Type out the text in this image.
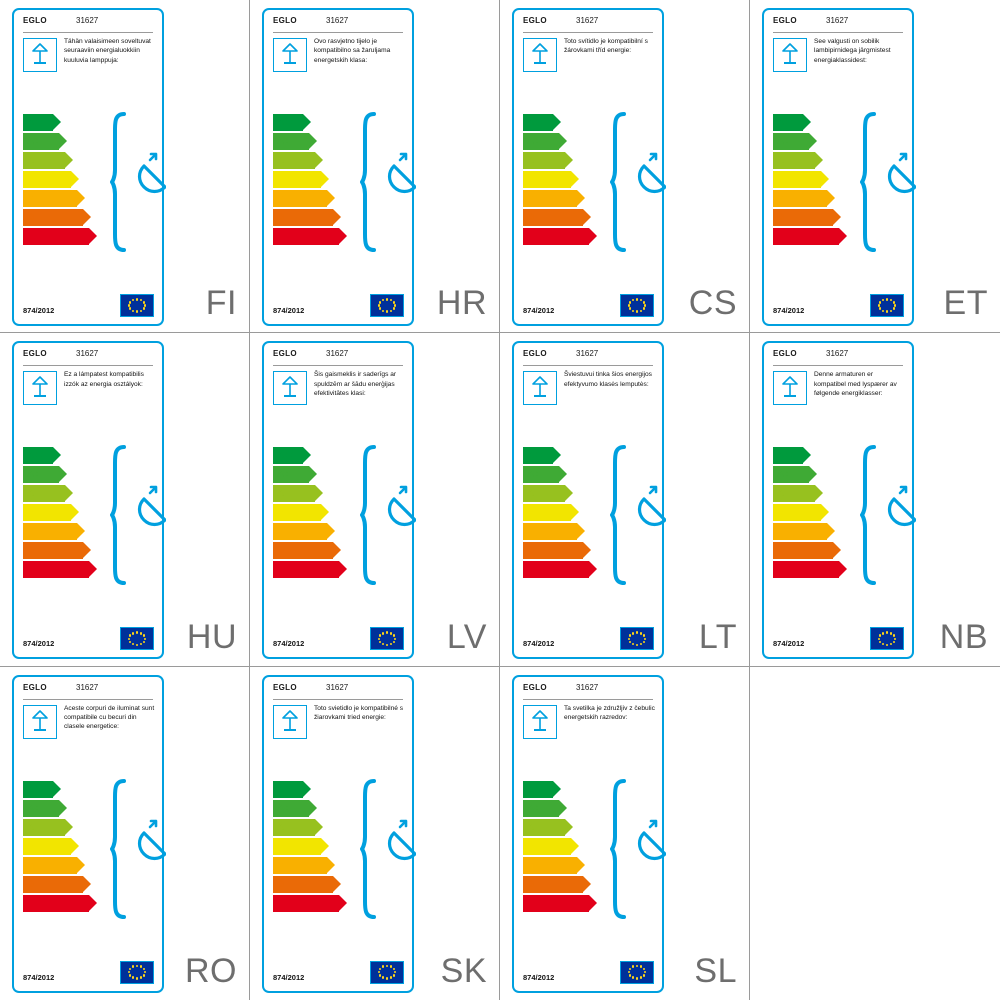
EGLO	31627
Tähän valaisimeen soveltuvat seuraaviin energialuokkiin kuuluvia lamppuja:
A++
A+
A
B
C
D
E
874/2012	FI
EGLO	31627
Ovo rasvjetno tijelo je kompatibilno sa žaruljama energetskih klasa:
A++
A+
A
B
C
D
E
874/2012	HR
EGLO	31627
Toto svítidlo je kompatibilní s žárovkami tříd energie:
A++
A+
A
B
C
D
E
874/2012	CS
EGLO	31627
See valgusti on sobilik lambipirnidega järgmistest energiaklassidest:
A++
A+
A
B
C
D
E
874/2012	ET
EGLO	31627
Ez a lámpatest kompatibilis izzók az energia osztályok:
A++
A+
A
B
C
D
E
874/2012	HU
EGLO	31627
Šis gaismeklis ir saderīgs ar spuldzēm ar šādu enerģijas efektivitātes klasi:
A++
A+
A
B
C
D
E
874/2012	LV
EGLO	31627
Šviestuvui tinka šios energijos efektyvumo klasės lemputės:
A++
A+
A
B
C
D
E
874/2012	LT
EGLO	31627
Denne armaturen er kompatibel med lyspærer av følgende energiklasser:
A++
A+
A
B
C
D
E
874/2012	NB
EGLO	31627
Aceste corpuri de iluminat sunt compatibile cu becuri din claselе energetice:
A++
A+
A
B
C
D
E
874/2012	RO
EGLO	31627
Toto svietidlo je kompatibilné s žiarovkami tried energie:
A++
A+
A
B
C
D
E
874/2012	SK
EGLO	31627
Ta svetilka je združljiv z čebulic energetskih razredov:
A++
A+
A
B
C
D
E
874/2012	SL
